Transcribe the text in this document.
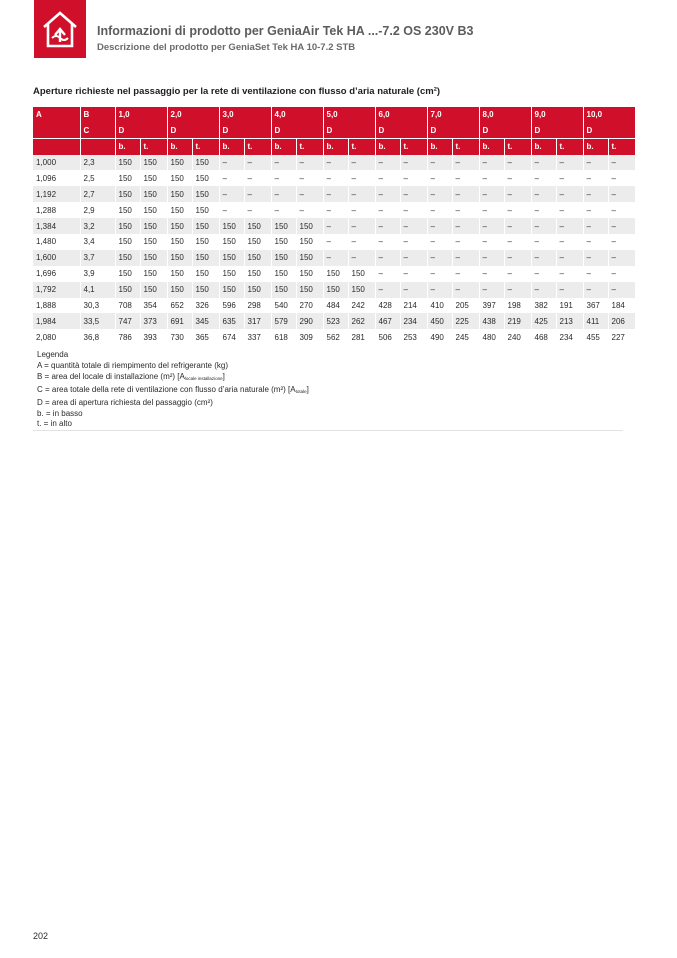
Informazioni di prodotto per GeniaAir Tek HA ...-7.2 OS 230V B3
Descrizione del prodotto per GeniaSet Tek HA 10-7.2 STB
Aperture richieste nel passaggio per la rete di ventilazione con flusso d’aria naturale (cm²)
A	B	1,0		2,0		3,0		4,0		5,0		6,0		7,0		8,0		9,0		10,0	
	C	D		D		D		D		D		D		D		D		D		D	
		b.	t.	b.	t.	b.	t.	b.	t.	b.	t.	b.	t.	b.	t.	b.	t.	b.	t.	b.	t.
1,000	2,3	150	150	150	150	–	–	–	–	–	–	–	–	–	–	–	–	–	–	–	–
1,096	2,5	150	150	150	150	–	–	–	–	–	–	–	–	–	–	–	–	–	–	–	–
1,192	2,7	150	150	150	150	–	–	–	–	–	–	–	–	–	–	–	–	–	–	–	–
1,288	2,9	150	150	150	150	–	–	–	–	–	–	–	–	–	–	–	–	–	–	–	–
1,384	3,2	150	150	150	150	150	150	150	150	–	–	–	–	–	–	–	–	–	–	–	–
1,480	3,4	150	150	150	150	150	150	150	150	–	–	–	–	–	–	–	–	–	–	–	–
1,600	3,7	150	150	150	150	150	150	150	150	–	–	–	–	–	–	–	–	–	–	–	–
1,696	3,9	150	150	150	150	150	150	150	150	150	150	–	–	–	–	–	–	–	–	–	–
1,792	4,1	150	150	150	150	150	150	150	150	150	150	–	–	–	–	–	–	–	–	–	–
1,888	30,3	708	354	652	326	596	298	540	270	484	242	428	214	410	205	397	198	382	191	367	184
1,984	33,5	747	373	691	345	635	317	579	290	523	262	467	234	450	225	438	219	425	213	411	206
2,080	36,8	786	393	730	365	674	337	618	309	562	281	506	253	490	245	480	240	468	234	455	227
Legenda
A = quantità totale di riempimento del refrigerante (kg)
B = area del locale di installazione (m²) $[A_{locale installazione}]$
C = area totale della rete di ventilazione con flusso d’aria naturale (m²) $[A_{totale}]$
D = area di apertura richiesta del passaggio (cm²)
b. = in basso
t. = in alto
202
